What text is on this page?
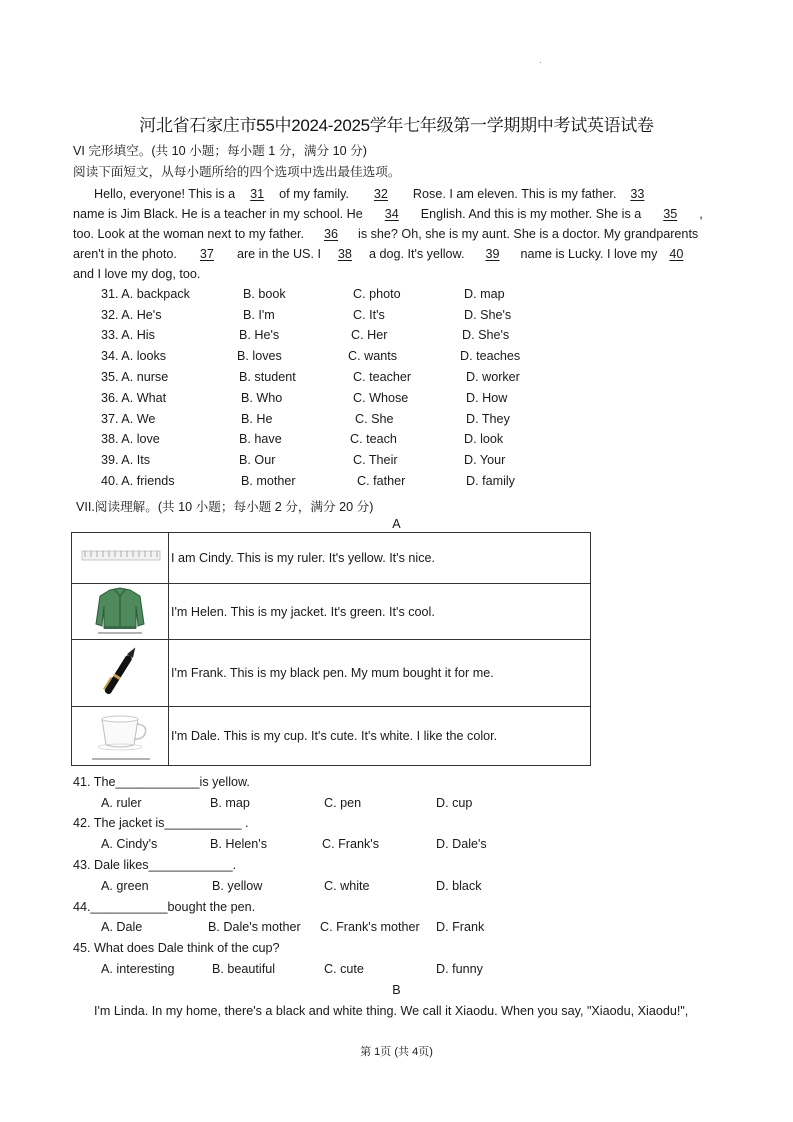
河北省石家庄市55中2024-2025学年七年级第一学期期中考试英语试卷
VI 完形填空。(共 10 小题；每小题 1 分，满分 10 分)
阅读下面短文，从每小题所给的四个选项中选出最佳选项。

Hello, everyone! This is a 31 of my family. 32 Rose. I am eleven. This is my father. 33

name is Jim Black. He is a teacher in my school. He 34 English. And this is my mother. She is a 35 ,

too. Look at the woman next to my father. 36 is she? Oh, she is my aunt. She is a doctor. My grandparents

aren't in the photo. 37 are in the US. I 38 a dog. It's yellow. 39 name is Lucky. I love my 40

and I love my dog, too.

31. A. backpack	B. book	C. photo	D. map
32. A. He's	B. I'm	C. It's	D. She's
33. A. His	B. He's	C. Her	D. She's
34. A. looks	B. loves	C. wants	D. teaches
35. A. nurse	B. student	C. teacher	D. worker
36. A. What	B. Who	C. Whose	D. How
37. A. We	B. He	C. She	D. They
38. A. love	B. have	C. teach	D. look
39. A. Its	B. Our	C. Their	D. Your
40. A. friends	B. mother	C. father	D. family
VII.阅读理解。(共 10 小题；每小题 2 分，满分 20 分)
A
	I am Cindy. This is my ruler. It's yellow. It's nice.
	I'm Helen. This is my jacket. It's green. It's cool.
	I'm Frank. This is my black pen. My mum bought it for me.
	I'm Dale. This is my cup. It's cute. It's white. I like the color.
41. The____________is yellow.
A. ruler	B. map	C. pen	D. cup
42. The jacket is___________ .
A. Cindy's	B. Helen's	C. Frank's	D. Dale's
43. Dale likes____________.
A. green	B. yellow	C. white	D. black
44.___________bought the pen.
A. Dale	B. Dale's mother C. Frank's mother D. Frank
45. What does Dale think of the cup?
A. interesting	B. beautiful	C. cute	D. funny
B
I'm Linda. In my home, there's a black and white thing. We call it Xiaodu. When you say, "Xiaodu, Xiaodu!",
第 1页 (共 4页)
